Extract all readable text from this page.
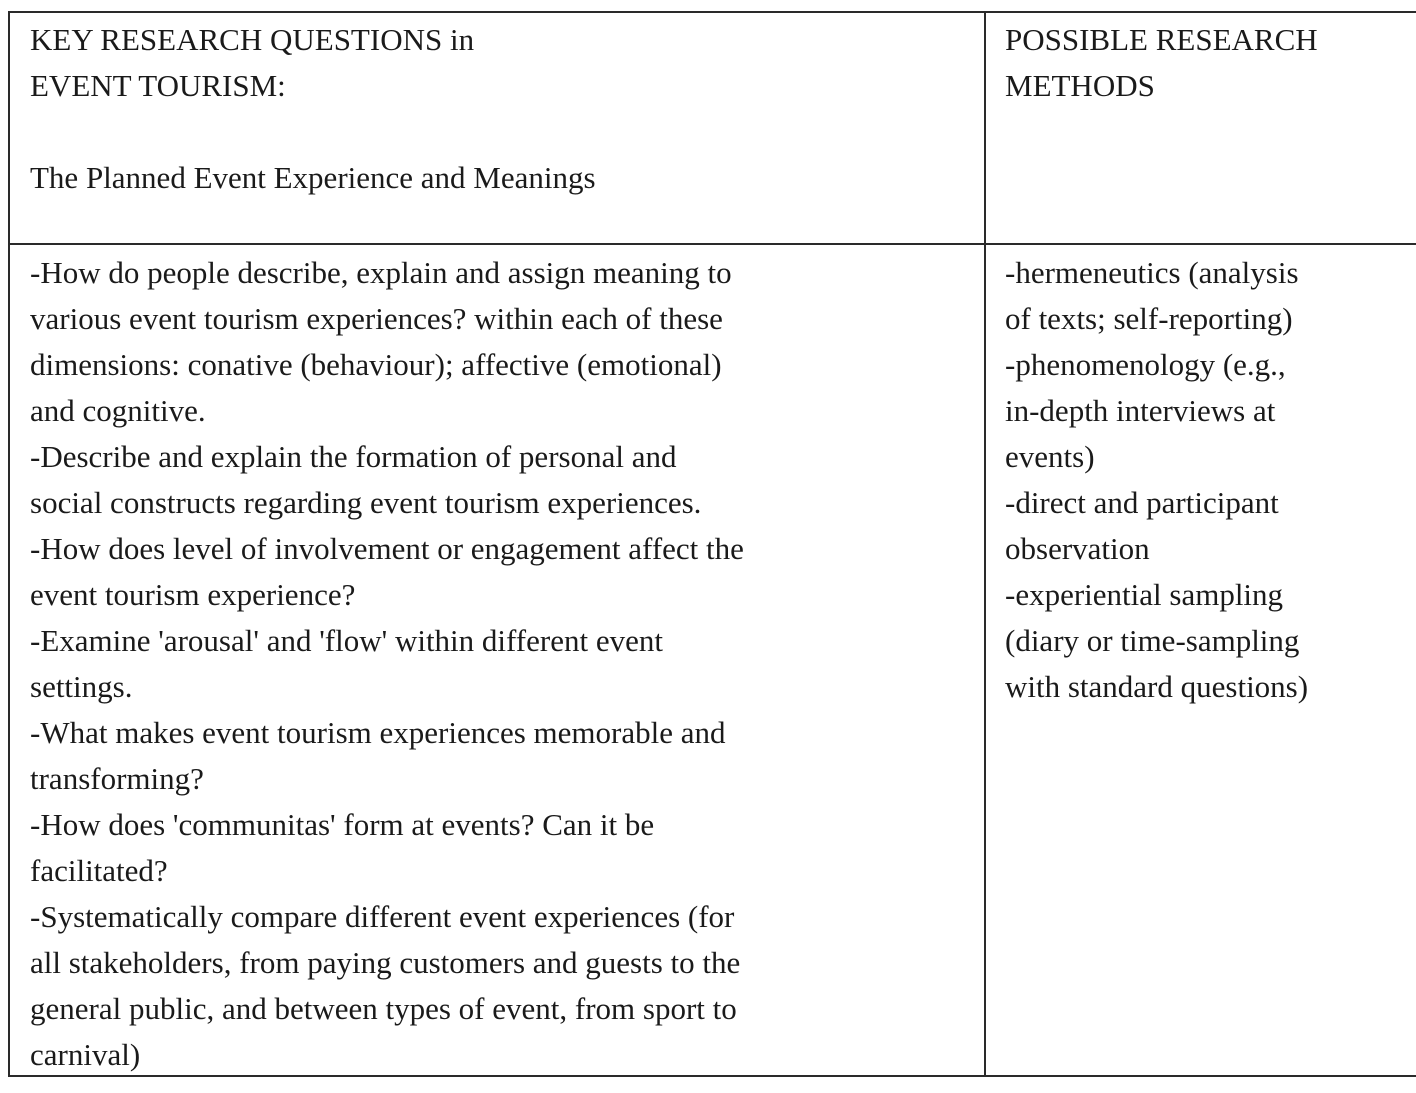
KEY RESEARCH QUESTIONS in

EVENT TOURISM:

The Planned Event Experience and Meanings

POSSIBLE RESEARCH

METHODS

-How do people describe, explain and assign meaning to

various event tourism experiences? within each of these

dimensions: conative (behaviour); affective (emotional)

and cognitive.

-Describe and explain the formation of personal and

social constructs regarding event tourism experiences.

-How does level of involvement or engagement affect the

event tourism experience?

-Examine 'arousal' and 'flow' within different event

settings.

-What makes event tourism experiences memorable and

transforming?

-How does 'communitas' form at events? Can it be

facilitated?

-Systematically compare different event experiences (for

all stakeholders, from paying customers and guests to the

general public, and between types of event, from sport to

carnival)

-hermeneutics (analysis

of texts; self-reporting)

-phenomenology (e.g.,

in-depth interviews at

events)

-direct and participant

observation

-experiential sampling

(diary or time-sampling

with standard questions)
